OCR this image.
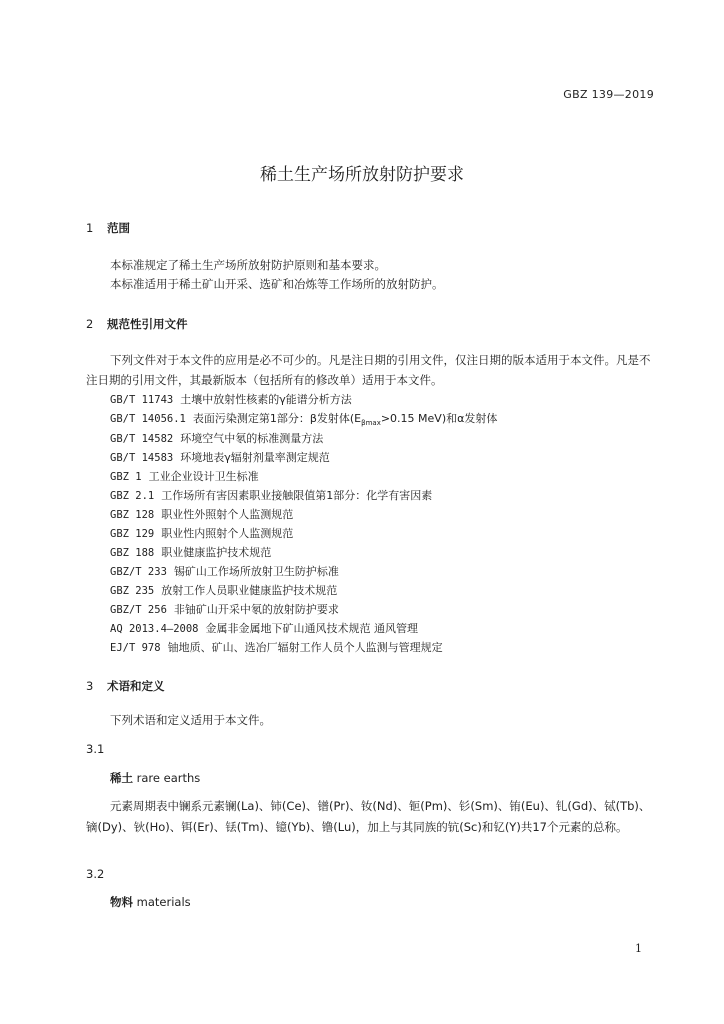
GBZ 139—2019
稀土生产场所放射防护要求
1 范围
本标准规定了稀土生产场所放射防护原则和基本要求。
本标准适用于稀土矿山开采、选矿和冶炼等工作场所的放射防护。
2 规范性引用文件
下列文件对于本文件的应用是必不可少的。凡是注日期的引用文件，仅注日期的版本适用于本文件。凡是不注日期的引用文件，其最新版本（包括所有的修改单）适用于本文件。
GB/T 11743 土壤中放射性核素的γ能谱分析方法
GB/T 14056.1 表面污染测定第1部分：β发射体($E_{\beta max}>0.15$ MeV)和α发射体
GB/T 14582 环境空气中氡的标准测量方法
GB/T 14583 环境地表γ辐射剂量率测定规范
GBZ 1 工业企业设计卫生标准
GBZ 2.1 工作场所有害因素职业接触限值第1部分：化学有害因素
GBZ 128 职业性外照射个人监测规范
GBZ 129 职业性内照射个人监测规范
GBZ 188 职业健康监护技术规范
GBZ/T 233 锡矿山工作场所放射卫生防护标准
GBZ 235 放射工作人员职业健康监护技术规范
GBZ/T 256 非铀矿山开采中氡的放射防护要求
AQ 2013.4—2008 金属非金属地下矿山通风技术规范 通风管理
EJ/T 978 铀地质、矿山、选冶厂辐射工作人员个人监测与管理规定
3 术语和定义
下列术语和定义适用于本文件。
3.1
稀土 rare earths
元素周期表中镧系元素镧(La)、铈(Ce)、镨(Pr)、钕(Nd)、钷(Pm)、钐(Sm)、铕(Eu)、钆(Gd)、铽(Tb)、镝(Dy)、钬(Ho)、铒(Er)、铥(Tm)、镱(Yb)、镥(Lu)，加上与其同族的钪(Sc)和钇(Y)共17个元素的总称。
3.2
物料 materials
1
